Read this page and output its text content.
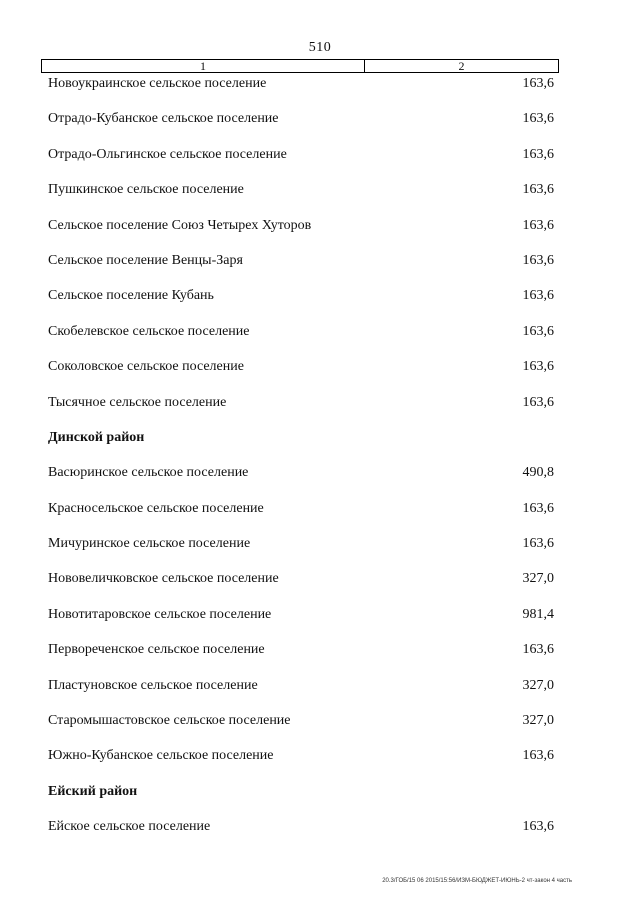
510
1	2
Новоукраинское сельское поселение	163,6
Отрадо-Кубанское сельское поселение	163,6
Отрадо-Ольгинское сельское поселение	163,6
Пушкинское сельское поселение	163,6
Сельское поселение Союз Четырех Хуторов	163,6
Сельское поселение Венцы-Заря	163,6
Сельское поселение Кубань	163,6
Скобелевское сельское поселение	163,6
Соколовское сельское поселение	163,6
Тысячное сельское поселение	163,6
Динской район
Васюринское сельское поселение	490,8
Красносельское сельское поселение	163,6
Мичуринское сельское поселение	163,6
Нововеличковское сельское поселение	327,0
Новотитаровское сельское поселение	981,4
Первореченское сельское поселение	163,6
Пластуновское сельское поселение	327,0
Старомышастовское сельское поселение	327,0
Южно-Кубанское сельское поселение	163,6
Ейский район
Ейское сельское поселение	163,6
20.3/ГОБ/15 06 2015/15:56/ИЗМ-БЮДЖЕТ-ИЮНЬ-2 чт-закон 4 часть
